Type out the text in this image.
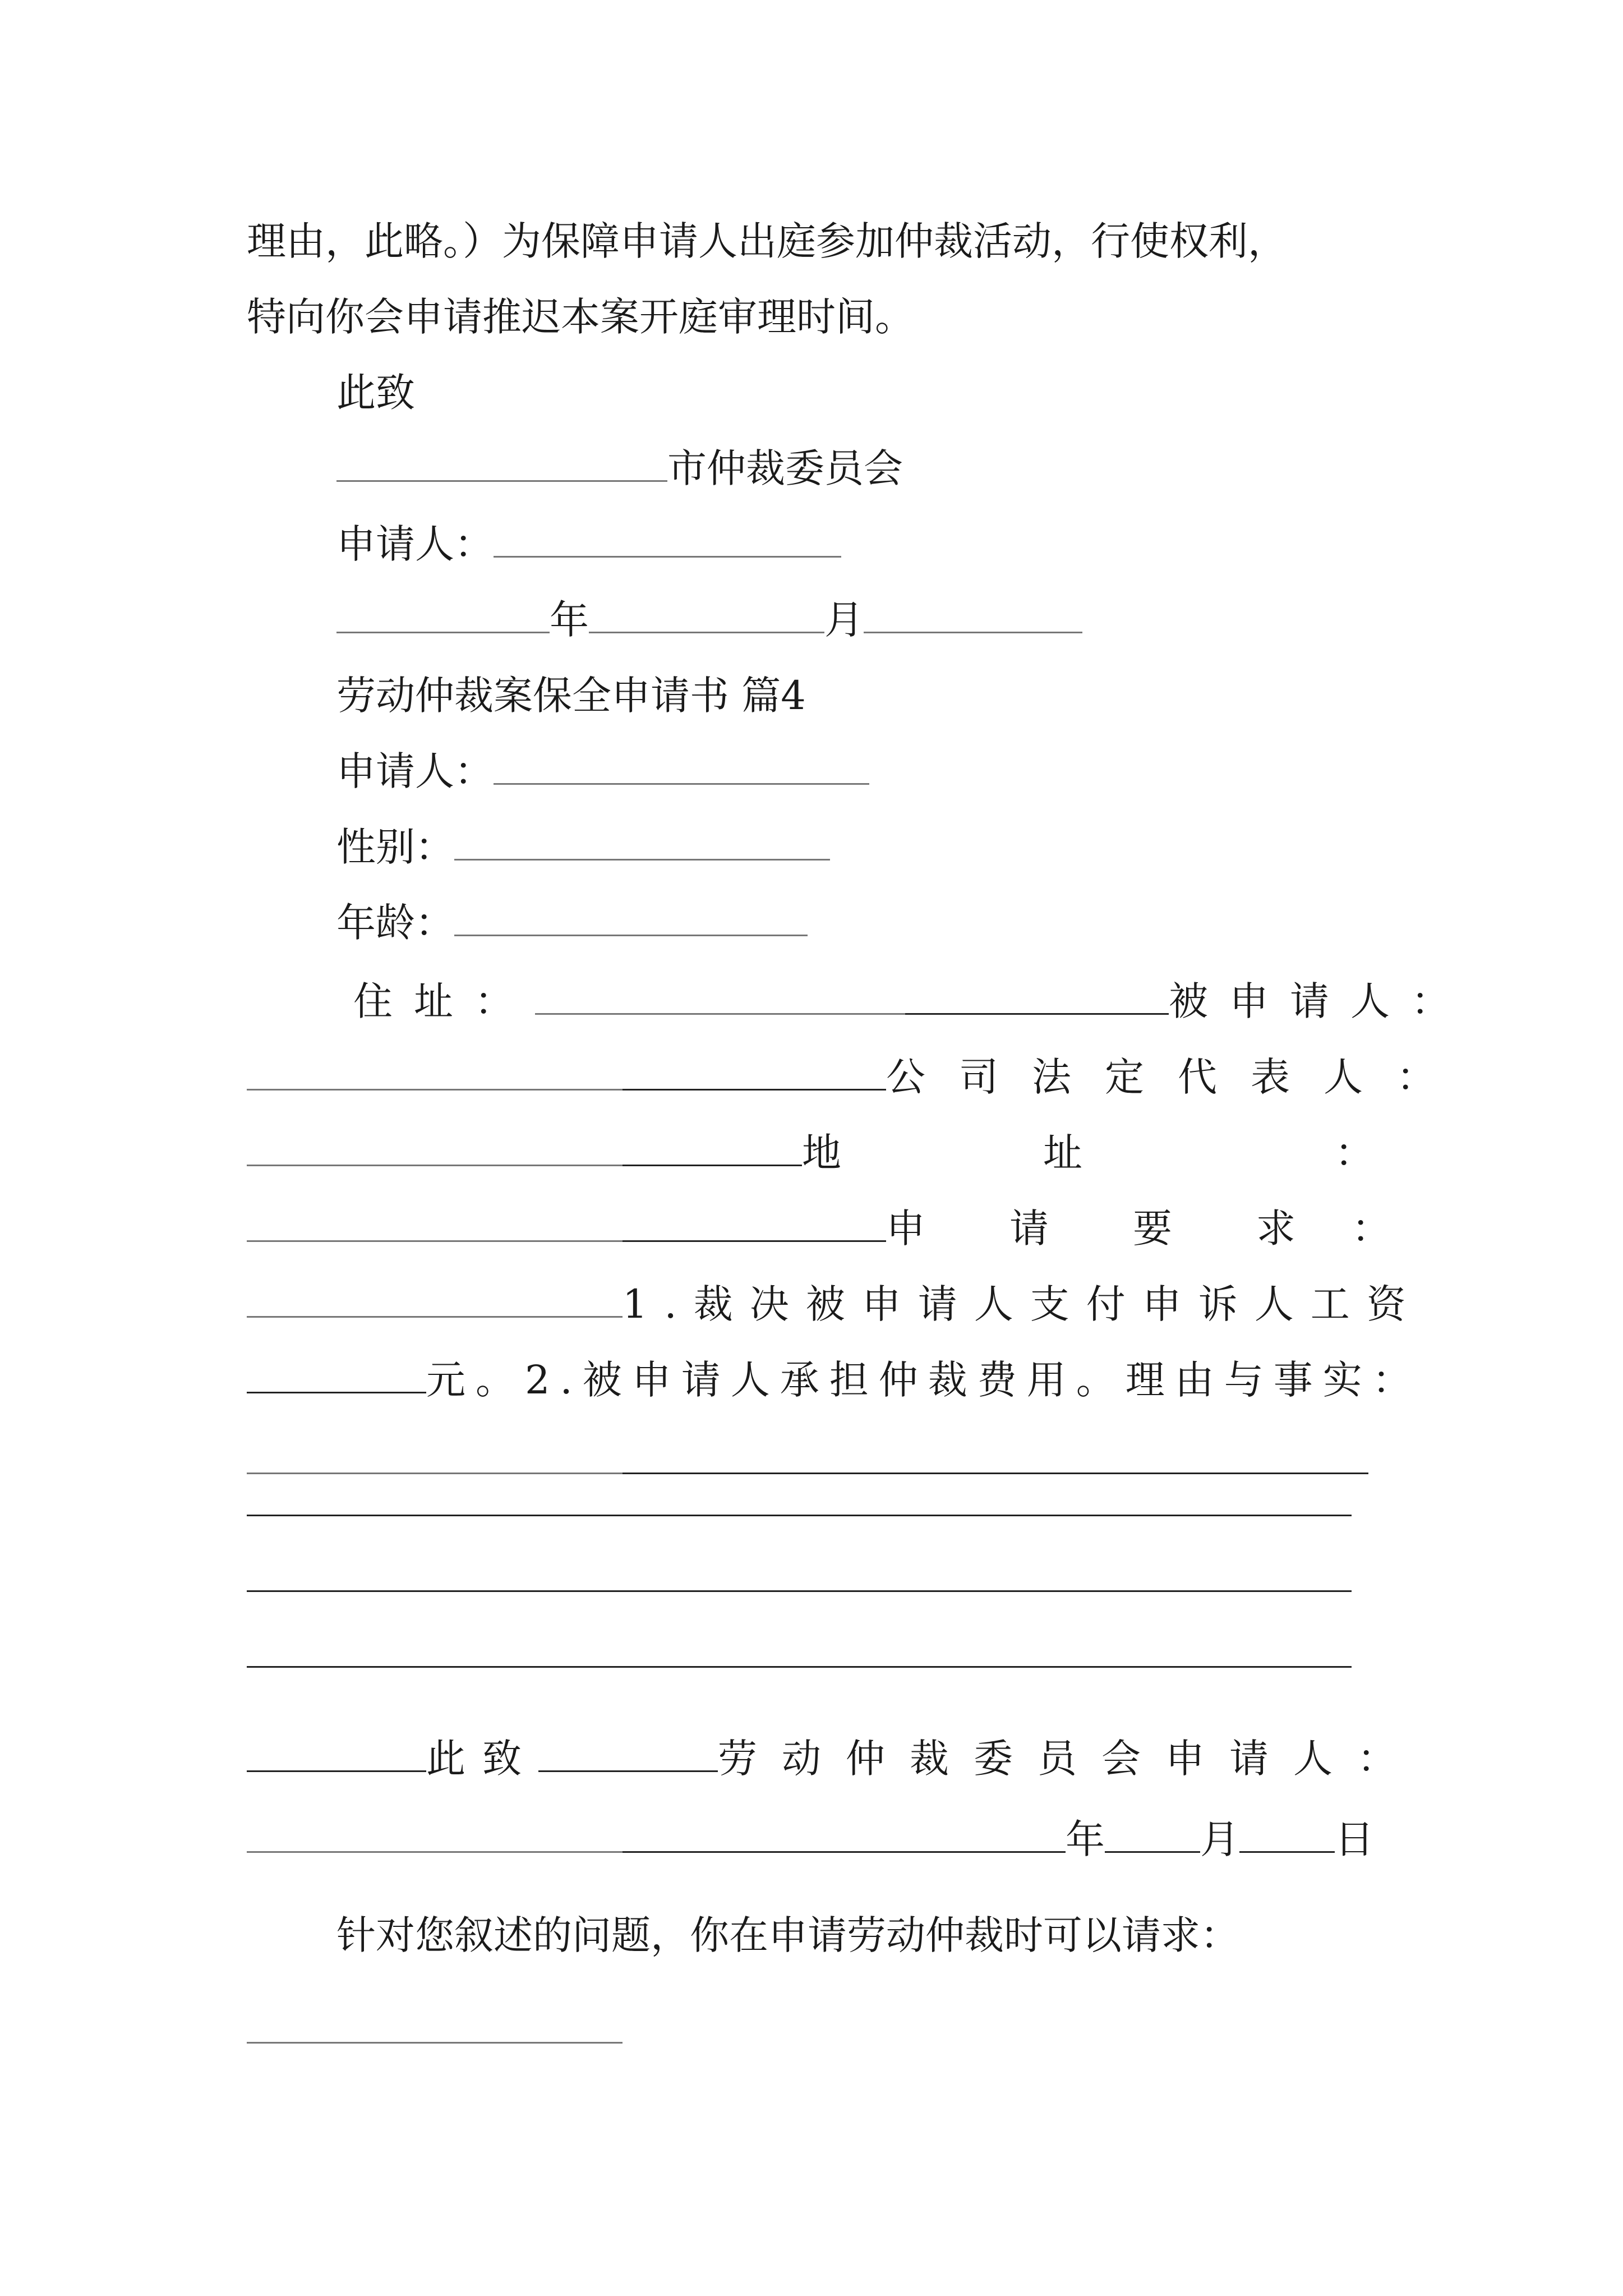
理由，此略。）为保障申请人出庭参加仲裁活动，行使权利，
特向你会申请推迟本案开庭审理时间。
此致
市仲裁委员会
申请人：
年	月
劳动仲裁案保全申请书 篇4
申请人：
性别：
年龄：
住址：	被申请人：
公司法定代表人：
地	址	：
申 请 要 求 ：
1.裁决被申请人支付申诉人工资
元。2.被申请人承担仲裁费用。理由与事实：
此致	劳动仲裁委员会申请人：
年 月 日
针对您叙述的问题，你在申请劳动仲裁时可以请求：
